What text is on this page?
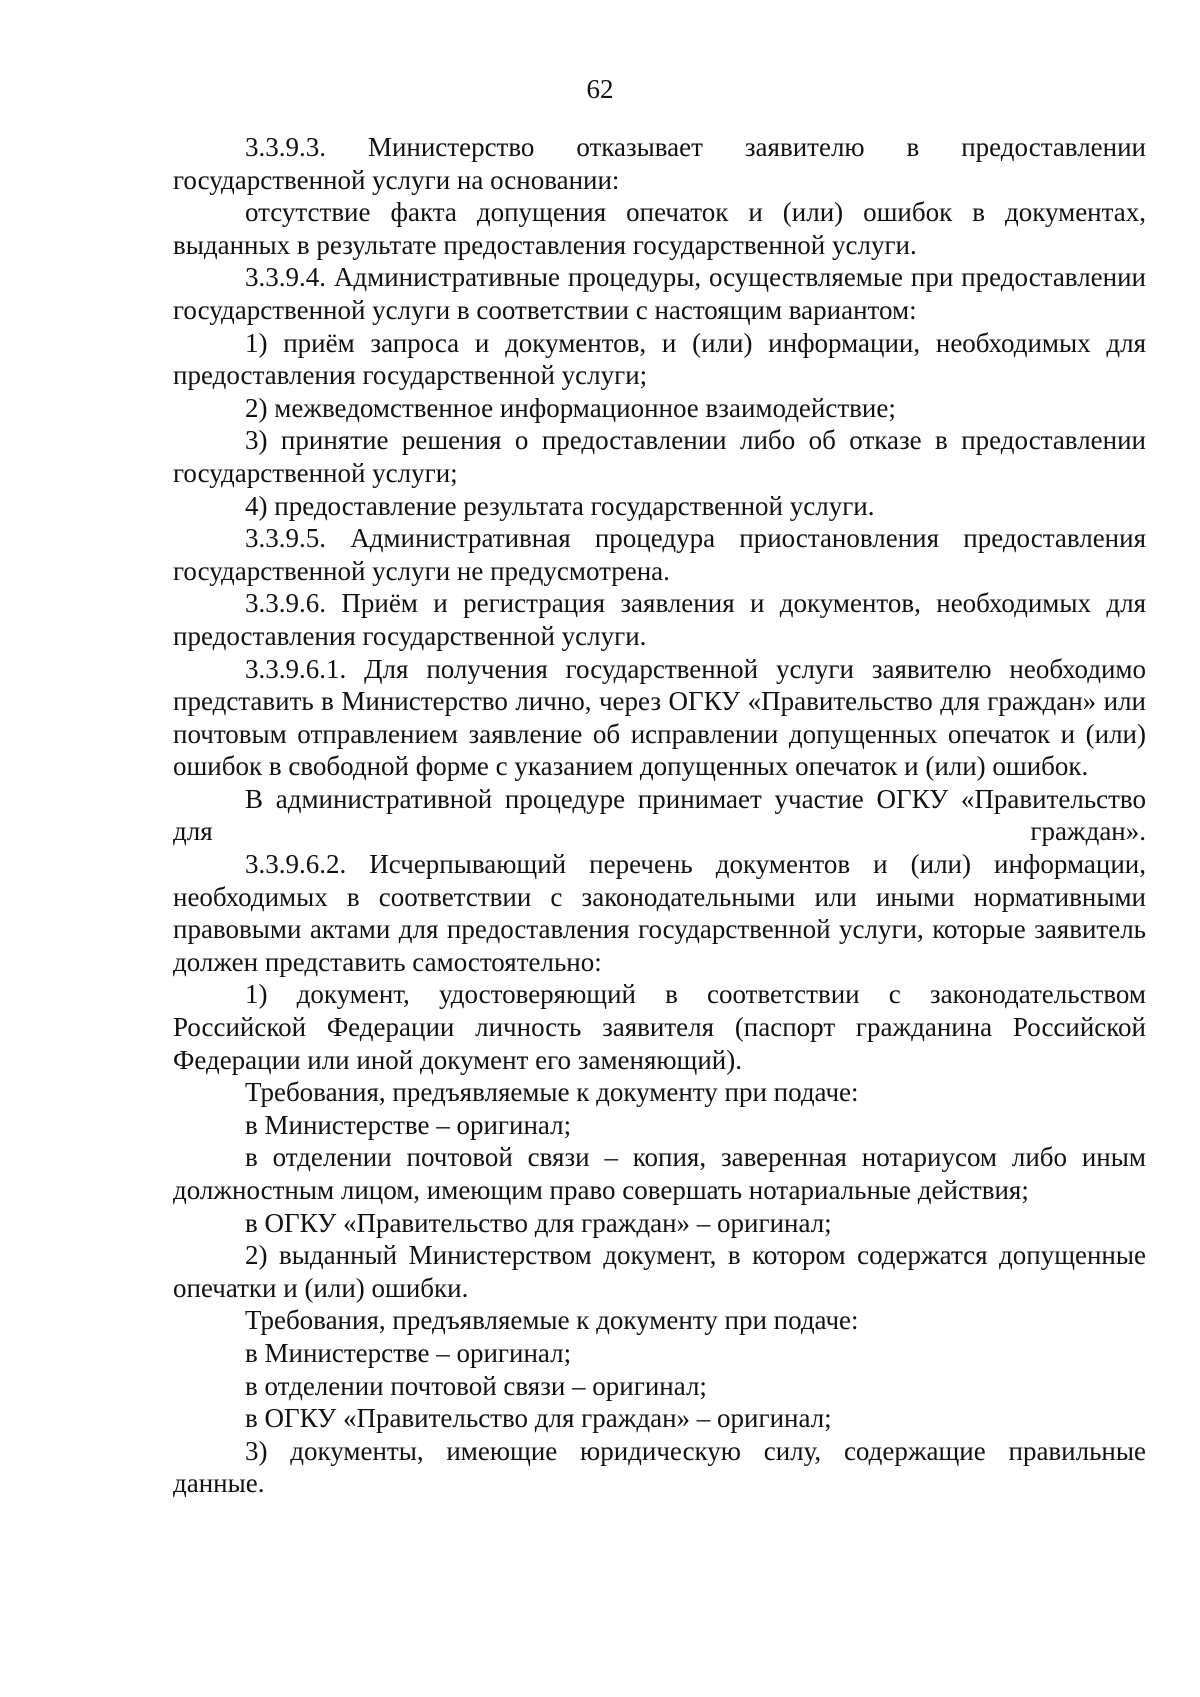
62

3.3.9.3. Министерство отказывает заявителю в предоставлении государственной услуги на основании:

отсутствие факта допущения опечаток и (или) ошибок в документах, выданных в результате предоставления государственной услуги.

3.3.9.4. Административные процедуры, осуществляемые при предоставлении государственной услуги в соответствии с настоящим вариантом:

1) приём запроса и документов, и (или) информации, необходимых для предоставления государственной услуги;

2) межведомственное информационное взаимодействие;

3) принятие решения о предоставлении либо об отказе в предоставлении государственной услуги;

4) предоставление результата государственной услуги.

3.3.9.5. Административная процедура приостановления предоставления государственной услуги не предусмотрена.

3.3.9.6. Приём и регистрация заявления и документов, необходимых для предоставления государственной услуги.

3.3.9.6.1. Для получения государственной услуги заявителю необходимо представить в Министерство лично, через ОГКУ «Правительство для граждан» или почтовым отправлением заявление об исправлении допущенных опечаток и (или) ошибок в свободной форме с указанием допущенных опечаток и (или) ошибок.

В административной процедуре принимает участие ОГКУ «Правительство для граждан».

3.3.9.6.2. Исчерпывающий перечень документов и (или) информации, необходимых в соответствии с законодательными или иными нормативными правовыми актами для предоставления государственной услуги, которые заявитель должен представить самостоятельно:

1) документ, удостоверяющий в соответствии с законодательством Российской Федерации личность заявителя (паспорт гражданина Российской Федерации или иной документ его заменяющий).

Требования, предъявляемые к документу при подаче:

в Министерстве – оригинал;

в отделении почтовой связи – копия, заверенная нотариусом либо иным должностным лицом, имеющим право совершать нотариальные действия;

в ОГКУ «Правительство для граждан» – оригинал;

2) выданный Министерством документ, в котором содержатся допущенные опечатки и (или) ошибки.

Требования, предъявляемые к документу при подаче:

в Министерстве – оригинал;

в отделении почтовой связи – оригинал;

в ОГКУ «Правительство для граждан» – оригинал;

3) документы, имеющие юридическую силу, содержащие правильные данные.
